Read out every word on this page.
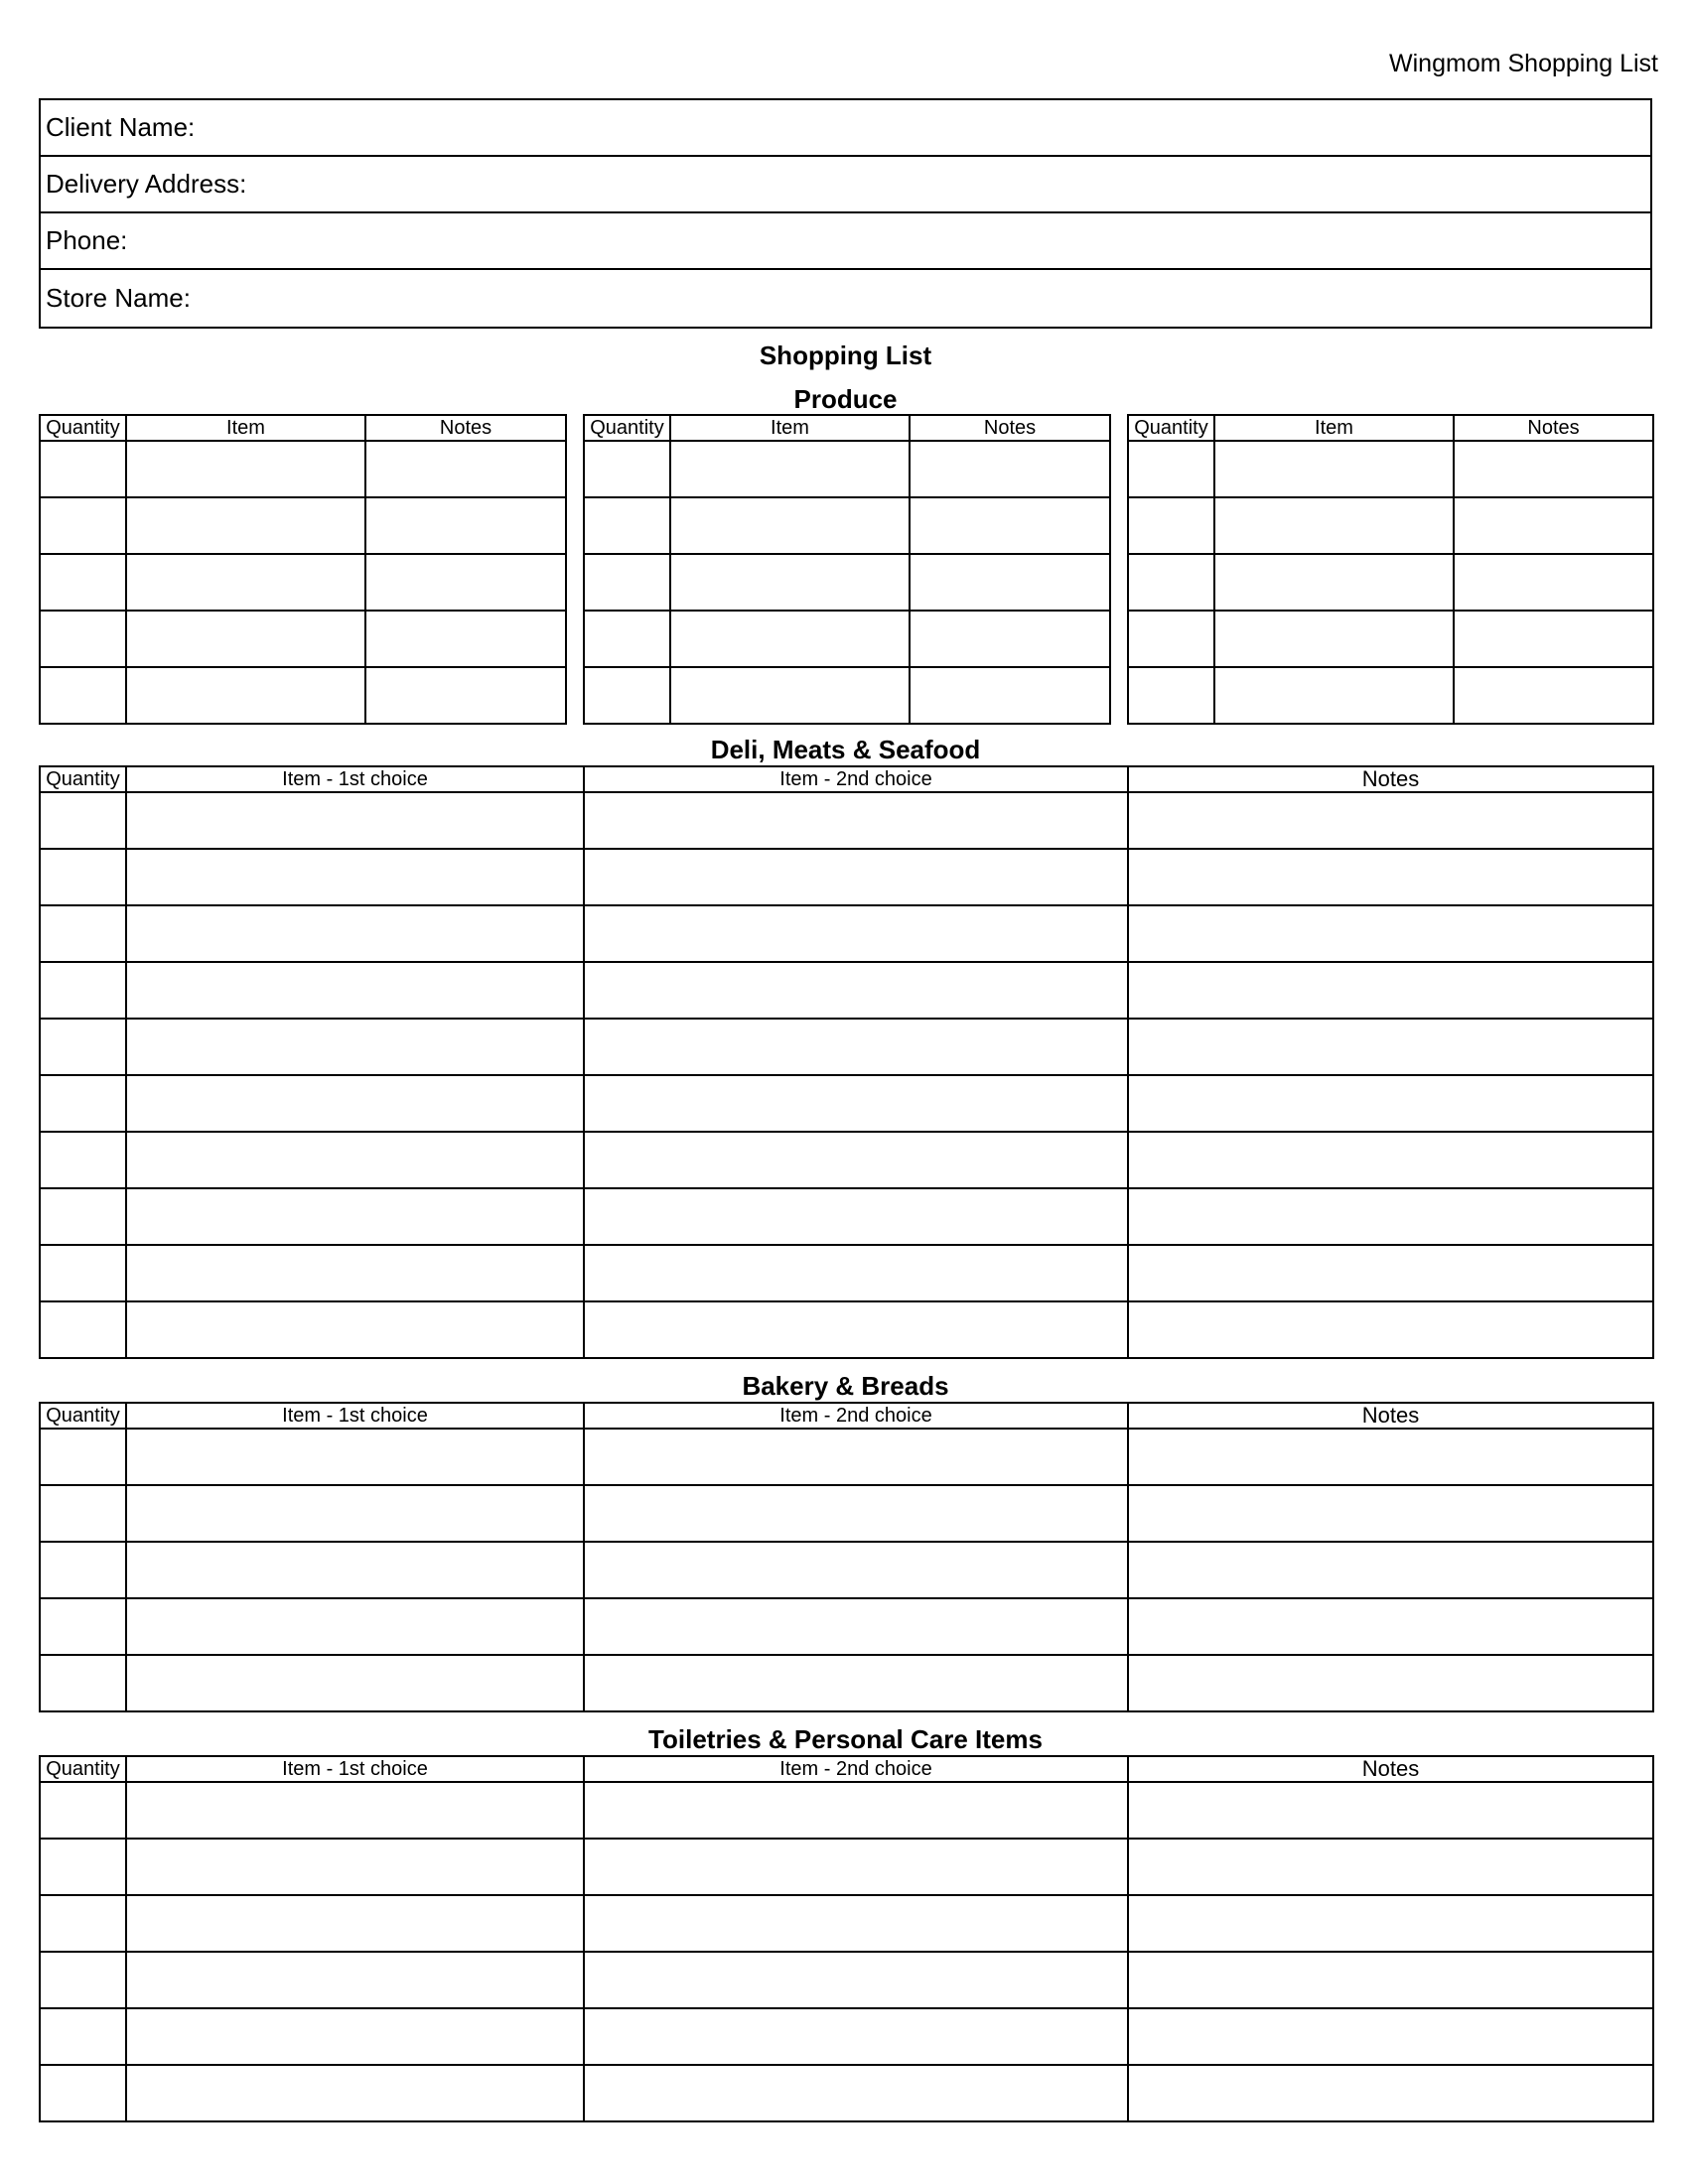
Wingmom Shopping List
Client Name:
Delivery Address:
Phone:
Store Name:
Shopping List
Produce
Quantity	Item	Notes

			Quantity	Item	Notes

			Quantity	Item	Notes

Deli, Meats & Seafood
Quantity	Item - 1st choice	Item - 2nd choice	Notes

Bakery & Breads
Quantity	Item - 1st choice	Item - 2nd choice	Notes

Toiletries & Personal Care Items
Quantity	Item - 1st choice	Item - 2nd choice	Notes
